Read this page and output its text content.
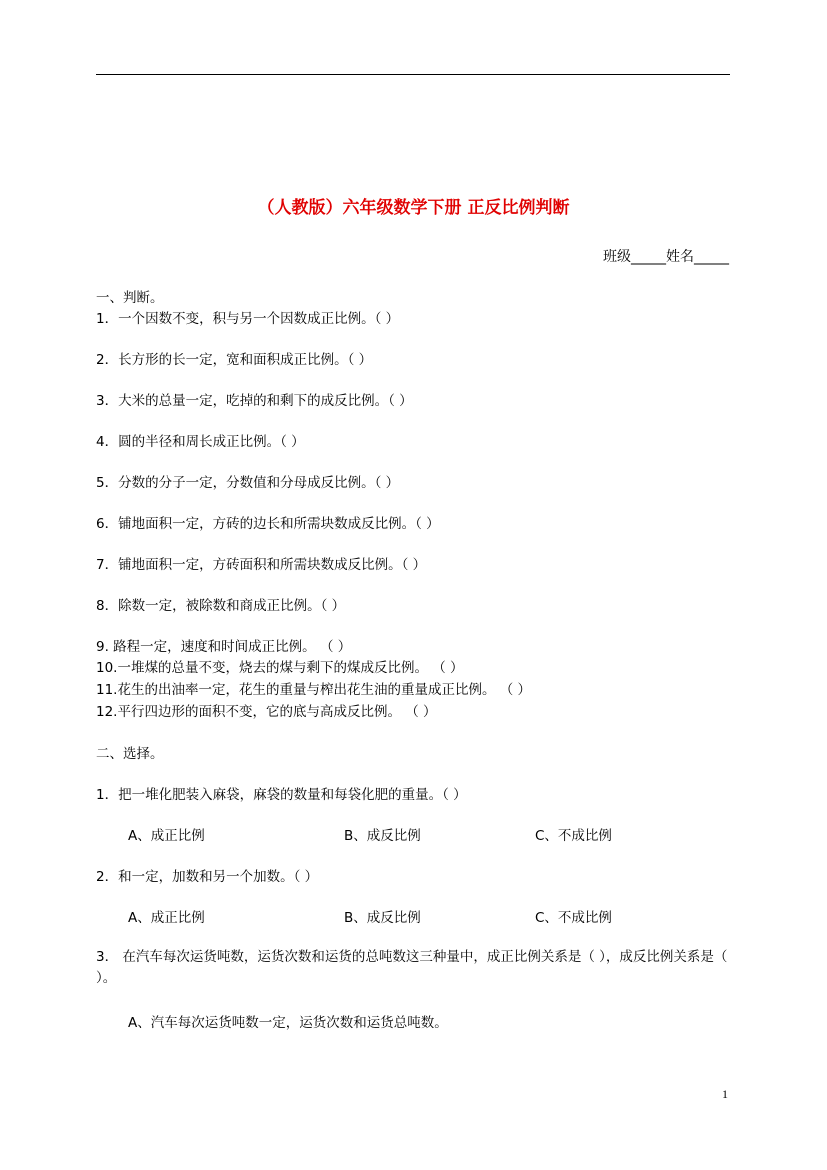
（人教版）六年级数学下册 正反比例判断
班级_____姓名_____
一、判断。
1．一个因数不变，积与另一个因数成正比例。（ ）
2．长方形的长一定，宽和面积成正比例。（ ）
3．大米的总量一定，吃掉的和剩下的成反比例。（ ）
4．圆的半径和周长成正比例。（ ）
5．分数的分子一定，分数值和分母成反比例。（ ）
6．铺地面积一定，方砖的边长和所需块数成反比例。（ ）
7．铺地面积一定，方砖面积和所需块数成反比例。（ ）
8．除数一定，被除数和商成正比例。（ ）
9. 路程一定，速度和时间成正比例。 （ ）
10.一堆煤的总量不变，烧去的煤与剩下的煤成反比例。 （ ）
11.花生的出油率一定，花生的重量与榨出花生油的重量成正比例。 （ ）
12.平行四边形的面积不变，它的底与高成反比例。 （ ）
二、选择。
1．把一堆化肥装入麻袋，麻袋的数量和每袋化肥的重量。（ ）
A、成正比例	B、成反比例	C、不成比例
2．和一定，加数和另一个加数。（ ）
A、成正比例	B、成反比例	C、不成比例
3． 在汽车每次运货吨数，运货次数和运货的总吨数这三种量中，成正比例关系是（ ），成反比例关系是（ ）。
A、汽车每次运货吨数一定，运货次数和运货总吨数。
1
